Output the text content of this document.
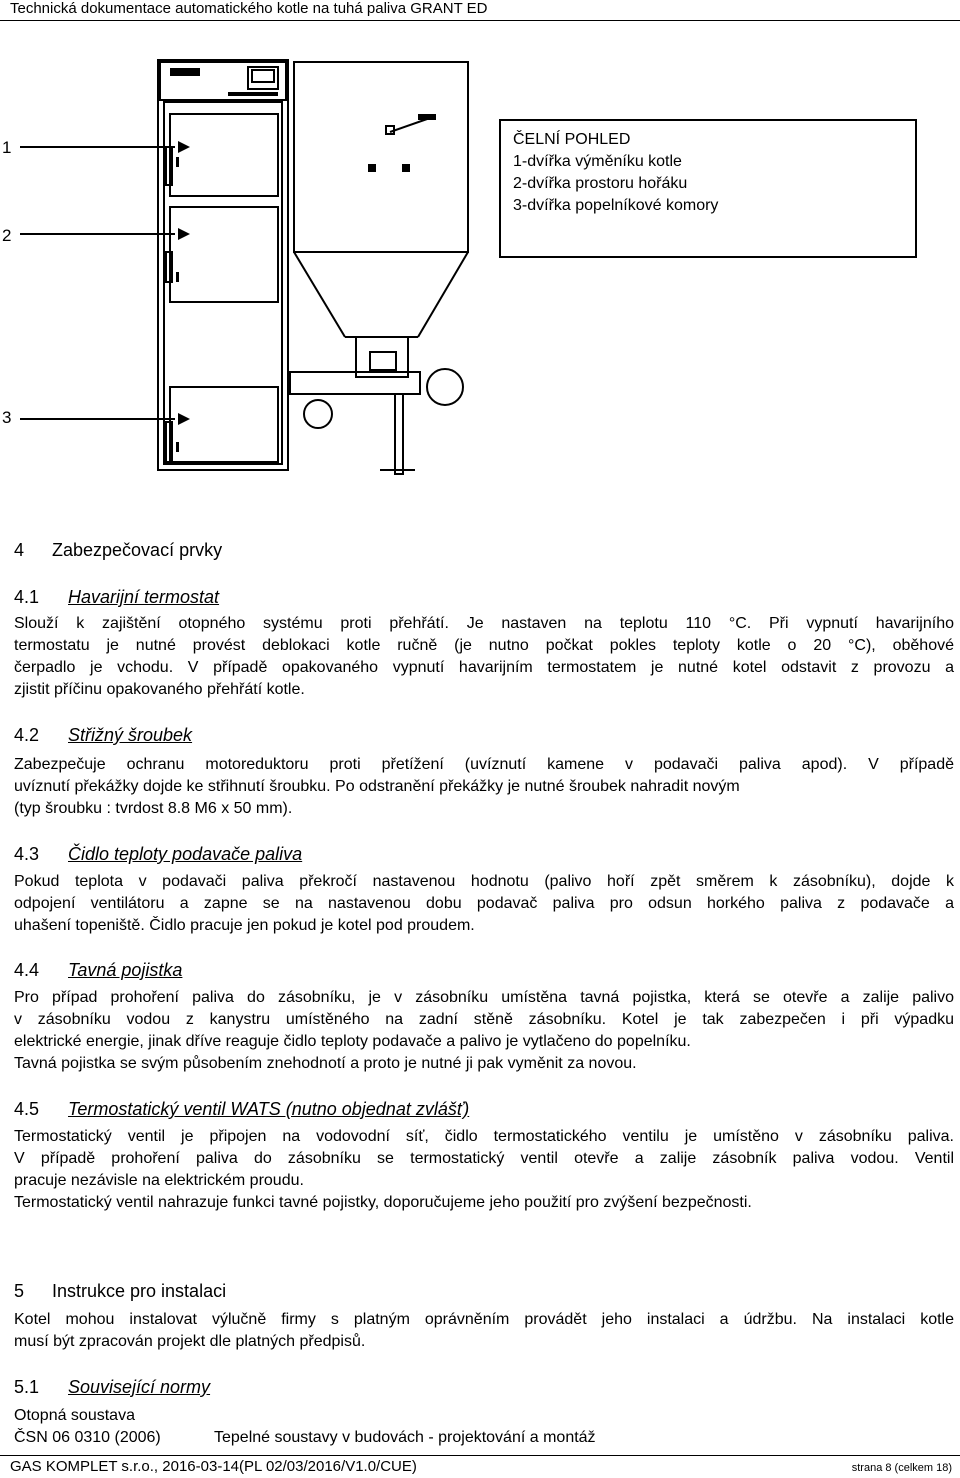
Technická dokumentace automatického kotle na tuhá paliva GRANT ED
1
2
3
ČELNÍ POHLED
1-dvířka výměníku kotle
2-dvířka prostoru hořáku
3-dvířka popelníkové komory
4 Zabezpečovací prvky
4.1 Havarijní termostat
Slouží k zajištění otopného systému proti přehřátí. Je nastaven na teplotu 110 °C. Při vypnutí havarijního
termostatu je nutné provést deblokaci kotle ručně (je nutno počkat pokles teploty kotle o 20 °C), oběhové
čerpadlo je vchodu. V případě opakovaného vypnutí havarijním termostatem je nutné kotel odstavit z provozu a
zjistit příčinu opakovaného přehřátí kotle.
4.2 Střižný šroubek
Zabezpečuje ochranu motoreduktoru proti přetížení (uvíznutí kamene v podavači paliva apod). V případě
uvíznutí překážky dojde ke střihnutí šroubku. Po odstranění překážky je nutné šroubek nahradit novým
(typ šroubku : tvrdost 8.8 M6 x 50 mm).
4.3 Čidlo teploty podavače paliva
Pokud teplota v podavači paliva překročí nastavenou hodnotu (palivo hoří zpět směrem k zásobníku), dojde k
odpojení ventilátoru a zapne se na nastavenou dobu podavač paliva pro odsun horkého paliva z podavače a
uhašení topeniště. Čidlo pracuje jen pokud je kotel pod proudem.
4.4 Tavná pojistka
Pro případ prohoření paliva do zásobníku, je v zásobníku umístěna tavná pojistka, která se otevře a zalije palivo
v zásobníku vodou z kanystru umístěného na zadní stěně zásobníku. Kotel je tak zabezpečen i při výpadku
elektrické energie, jinak dříve reaguje čidlo teploty podavače a palivo je vytlačeno do popelníku.
Tavná pojistka se svým působením znehodnotí a proto je nutné ji pak vyměnit za novou.
4.5 Termostatický ventil WATS (nutno objednat zvlášť)
Termostatický ventil je připojen na vodovodní síť, čidlo termostatického ventilu je umístěno v zásobníku paliva.
V případě prohoření paliva do zásobníku se termostatický ventil otevře a zalije zásobník paliva vodou. Ventil
pracuje nezávisle na elektrickém proudu.
Termostatický ventil nahrazuje funkci tavné pojistky, doporučujeme jeho použití pro zvýšení bezpečnosti.
5 Instrukce pro instalaci
Kotel mohou instalovat výlučně firmy s platným oprávněním provádět jeho instalaci a údržbu. Na instalaci kotle
musí být zpracován projekt dle platných předpisů.
5.1 Související normy
Otopná soustava
ČSN 06 0310 (2006)	Tepelné soustavy v budovách - projektování a montáž
GAS KOMPLET s.r.o., 2016-03-14(PL 02/03/2016/V1.0/CUE)	strana 8 (celkem 18)
